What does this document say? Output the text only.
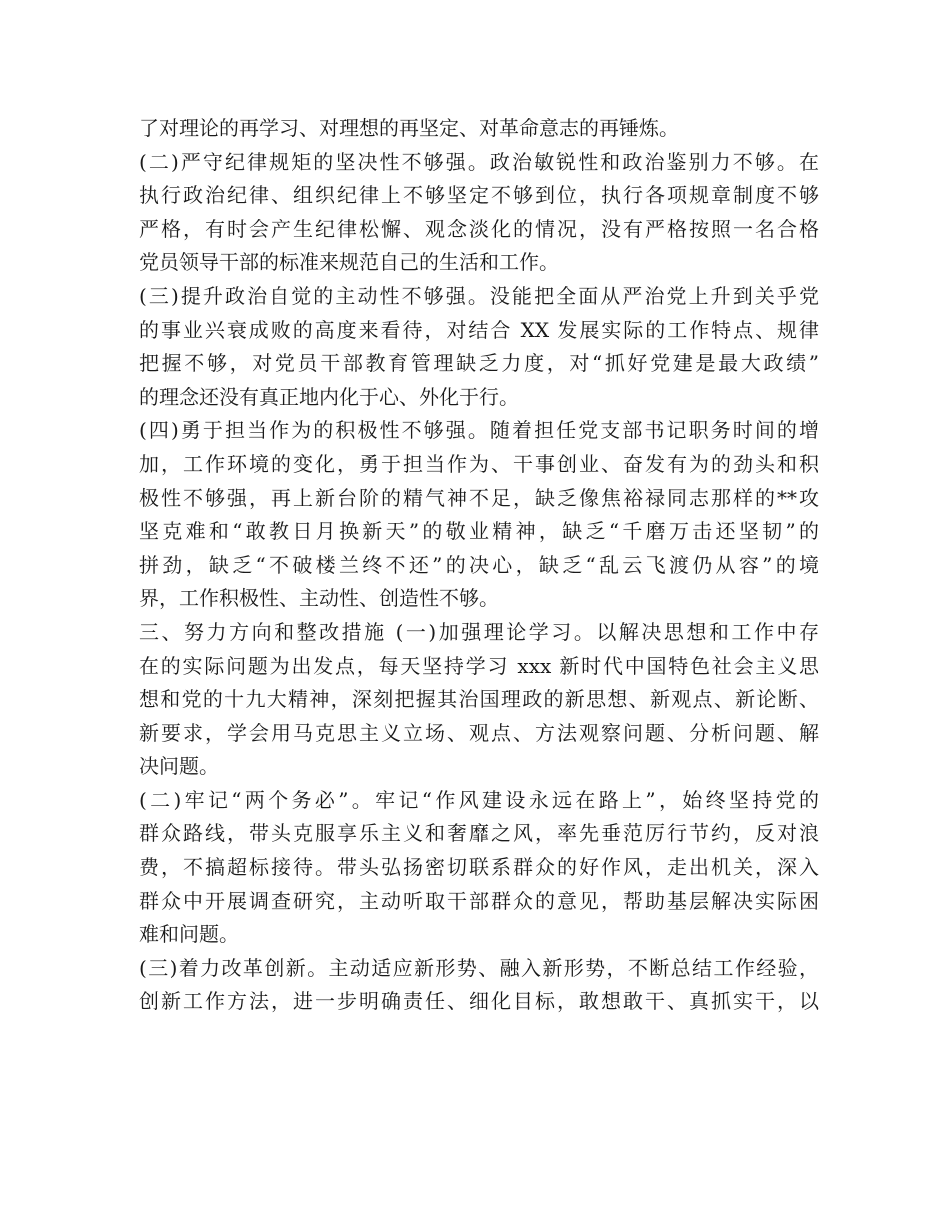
了对理论的再学习、对理想的再坚定、对革命意志的再锤炼。
(二)严守纪律规矩的坚决性不够强。政治敏锐性和政治鉴别力不够。在
执行政治纪律、组织纪律上不够坚定不够到位，执行各项规章制度不够
严格，有时会产生纪律松懈、观念淡化的情况，没有严格按照一名合格
党员领导干部的标准来规范自己的生活和工作。
(三)提升政治自觉的主动性不够强。没能把全面从严治党上升到关乎党
的事业兴衰成败的高度来看待，对结合 XX 发展实际的工作特点、规律
把握不够，对党员干部教育管理缺乏力度，对“抓好党建是最大政绩”
的理念还没有真正地内化于心、外化于行。
(四)勇于担当作为的积极性不够强。随着担任党支部书记职务时间的增
加，工作环境的变化，勇于担当作为、干事创业、奋发有为的劲头和积
极性不够强，再上新台阶的精气神不足，缺乏像焦裕禄同志那样的**攻
坚克难和“敢教日月换新天”的敬业精神，缺乏“千磨万击还坚韧”的
拼劲，缺乏“不破楼兰终不还”的决心，缺乏“乱云飞渡仍从容”的境
界，工作积极性、主动性、创造性不够。
三、努力方向和整改措施 (一)加强理论学习。以解决思想和工作中存
在的实际问题为出发点，每天坚持学习 xxx 新时代中国特色社会主义思
想和党的十九大精神，深刻把握其治国理政的新思想、新观点、新论断、
新要求，学会用马克思主义立场、观点、方法观察问题、分析问题、解
决问题。
(二)牢记“两个务必”。牢记“作风建设永远在路上”，始终坚持党的
群众路线，带头克服享乐主义和奢靡之风，率先垂范厉行节约，反对浪
费，不搞超标接待。带头弘扬密切联系群众的好作风，走出机关，深入
群众中开展调查研究，主动听取干部群众的意见，帮助基层解决实际困
难和问题。
(三)着力改革创新。主动适应新形势、融入新形势，不断总结工作经验，
创新工作方法，进一步明确责任、细化目标，敢想敢干、真抓实干，以
